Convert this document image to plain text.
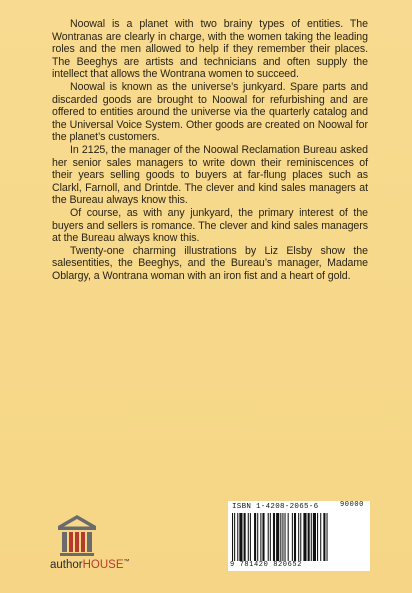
Noowal is a planet with two brainy types of entities. The Wontranas are clearly in charge, with the women taking the leading roles and the men allowed to help if they remember their places. The Beeghys are artists and technicians and often supply the intellect that allows the Wontrana women to succeed.

Noowal is known as the universe’s junkyard. Spare parts and discarded goods are brought to Noowal for refurbishing and are offered to entities around the universe via the quarterly catalog and the Universal Voice System. Other goods are created on Noowal for the planet’s customers.

In 2125, the manager of the Noowal Reclamation Bureau asked her senior sales managers to write down their reminiscences of their years selling goods to buyers at far-flung places such as Clarkl, Farnoll, and Drintde. The clever and kind sales managers at the Bureau always know this.

Of course, as with any junkyard, the primary interest of the buyers and sellers is romance. The clever and kind sales managers at the Bureau always know this.

Twenty-one charming illustrations by Liz Elsby show the salesentities, the Beeghys, and the Bureau’s manager, Madame Oblargy, a Wontrana woman with an iron fist and a heart of gold.

authorHOUSE™
ISBN 1-4208-2065-6
9 781420 820652
90000
